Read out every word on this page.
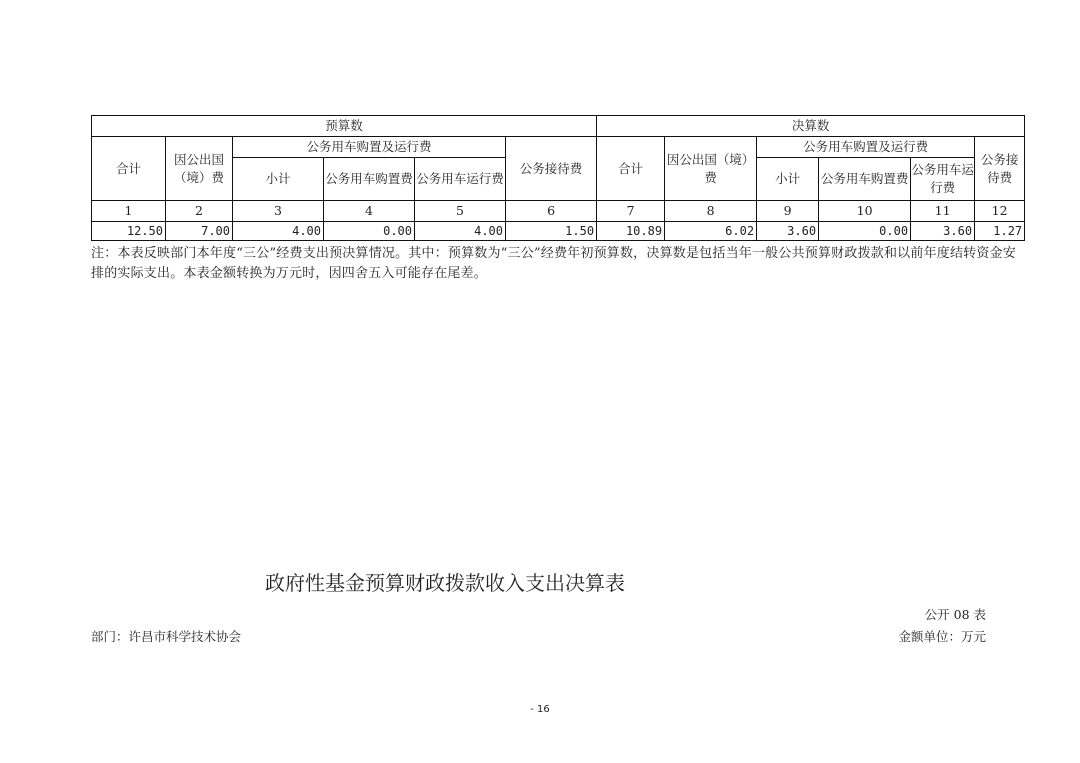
预算数						决算数					
合计	因公出国（境）费	公务用车购置及运行费			公务接待费	合计	因公出国（境）费	公务用车购置及运行费			公务接待费
		小计	公务用车购置费	公务用车运行费				小计	公务用车购置费	公务用车运行费	
1	2	3	4	5	6	7	8	9	10	11	12
12.50	7.00	4.00	0.00	4.00	1.50	10.89	6.02	3.60	0.00	3.60	1.27
注：本表反映部门本年度“三公”经费支出预决算情况。其中：预算数为“三公”经费年初预算数，决算数是包括当年一般公共预算财政拨款和以前年度结转资金安排的实际支出。本表金额转换为万元时，因四舍五入可能存在尾差。
政府性基金预算财政拨款收入支出决算表
公开 08 表
部门：许昌市科学技术协会	金额单位：万元
- 16
